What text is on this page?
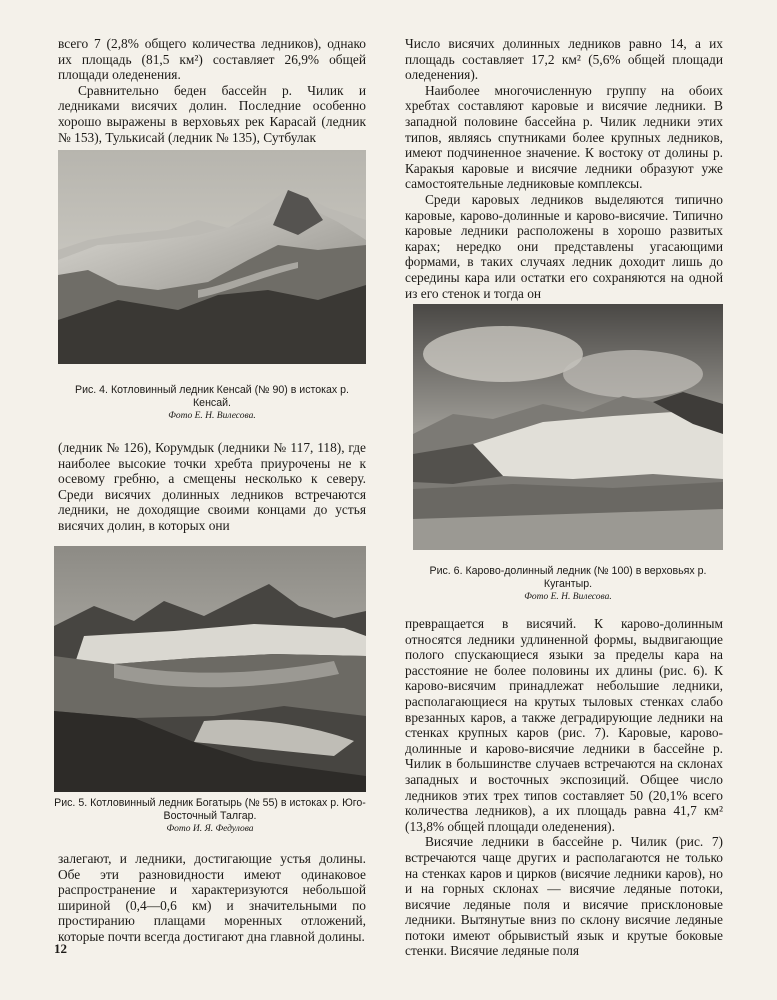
всего 7 (2,8% общего количества ледников), однако их площадь (81,5 км²) составляет 26,9% общей площади оледенения.

Сравнительно беден бассейн р. Чилик и ледниками висячих долин. Последние особенно хорошо выражены в верховьях рек Карасай (ледник № 153), Тулькисай (ледник № 135), Сутбулак

Рис. 4. Котловинный ледник Кенсай (№ 90) в истоках р. Кенсай.
Фото Е. Н. Вилесова.

(ледник № 126), Корумдык (ледники № 117, 118), где наиболее высокие точки хребта приурочены не к осевому гребню, а смещены несколько к северу. Среди висячих долинных ледников встречаются ледники, не доходящие своими концами до устья висячих долин, в которых они

Рис. 5. Котловинный ледник Богатырь (№ 55) в истоках р. Юго-Восточный Талгар.
Фото И. Я. Федулова

залегают, и ледники, достигающие устья долины. Обе эти разновидности имеют одинаковое распространение и характеризуются небольшой шириной (0,4—0,6 км) и значительными по простиранию плащами моренных отложений, которые почти всегда достигают дна главной долины.

12

Число висячих долинных ледников равно 14, а их площадь составляет 17,2 км² (5,6% общей площади оледенения).

Наиболее многочисленную группу на обоих хребтах составляют каровые и висячие ледники. В западной половине бассейна р. Чилик ледники этих типов, являясь спутниками более крупных ледников, имеют подчиненное значение. К востоку от долины р. Каракыя каровые и висячие ледники образуют уже самостоятельные ледниковые комплексы.

Среди каровых ледников выделяются типично каровые, карово-долинные и карово-висячие. Типично каровые ледники расположены в хорошо развитых карах; нередко они представлены угасающими формами, в таких случаях ледник доходит лишь до середины кара или остатки его сохраняются на одной из его стенок и тогда он

Рис. 6. Карово-долинный ледник (№ 100) в верховьях р. Кугантыр.
Фото Е. Н. Вилесова.

превращается в висячий. К карово-долинным относятся ледники удлиненной формы, выдвигающие полого спускающиеся языки за пределы кара на расстояние не более половины их длины (рис. 6). К карово-висячим принадлежат небольшие ледники, располагающиеся на крутых тыловых стенках слабо врезанных каров, а также деградирующие ледники на стенках крупных каров (рис. 7). Каровые, карово-долинные и карово-висячие ледники в бассейне р. Чилик в большинстве случаев встречаются на склонах западных и восточных экспозиций. Общее число ледников этих трех типов составляет 50 (20,1% всего количества ледников), а их площадь равна 41,7 км² (13,8% общей площади оледенения).

Висячие ледники в бассейне р. Чилик (рис. 7) встречаются чаще других и располагаются не только на стенках каров и цирков (висячие ледники каров), но и на горных склонах — висячие ледяные потоки, висячие ледяные поля и висячие присклоновые ледники. Вытянутые вниз по склону висячие ледяные потоки имеют обрывистый язык и крутые боковые стенки. Висячие ледяные поля
